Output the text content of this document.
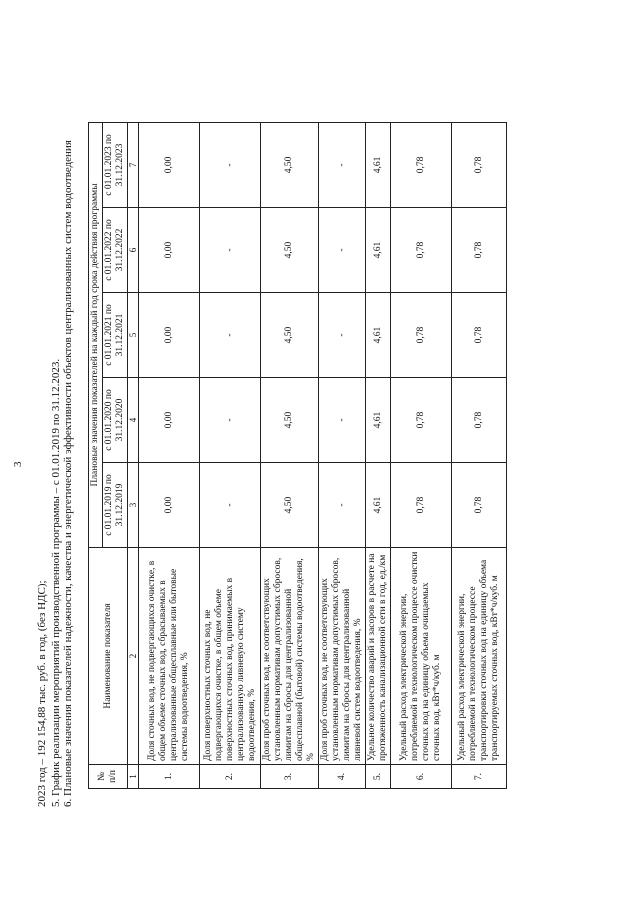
3
2023 год – 192 154,88 тыс. руб. в год, (без НДС); 5. График реализации мероприятий производственной программы – с 01.01.2019 по 31.12.2023. 6. Плановые значения показателей надежности, качества и энергетической эффективности объектов централизованных систем водоотведения № п/п	Наименование показателя	Плановые значения показателей на каждый год срока действия программы				
		с 01.01.2019 по 31.12.2019	с 01.01.2020 по 31.12.2020	с 01.01.2021 по 31.12.2021	с 01.01.2022 по 31.12.2022	с 01.01.2023 по 31.12.2023
1	2	3	4	5	6	7
1.	Доля сточных вод, не подвергающихся очистке, в общем объеме сточных вод, сбрасываемых в централизованные общесплавные или бытовые системы водоотведения, %	0,00	0,00	0,00	0,00	0,00
2.	Доля поверхностных сточных вод, не подвергающихся очистке, в общем объеме поверхностных сточных вод, принимаемых в централизованную ливневую систему водоотведения, %	-	-	-	-	-
3.	Доля проб сточных вод, не соответствующих установленным нормативам допустимых сбросов, лимитам на сбросы для централизованной общесплавной (бытовой) системы водоотведения, %	4,50	4,50	4,50	4,50	4,50
4.	Доля проб сточных вод, не соответствующих установленным нормативам допустимых сбросов, лимитам на сбросы для централизованной ливневой систем водоотведения, %	-	-	-	-	-
5.	Удельное количество аварий и засоров в расчете на протяженность канализационной сети в год, ед./км	4,61	4,61	4,61	4,61	4,61
6.	Удельный расход электрической энергии, потребляемой в технологическом процессе очистки сточных вод на единицу объема очищаемых сточных вод, кВт*ч/куб. м	0,78	0,78	0,78	0,78	0,78
7.	Удельный расход электрической энергии, потребляемой в технологическом процессе транспортировки сточных вод на единицу объема транспортируемых сточных вод, кВт*ч/куб. м	0,78	0,78	0,78	0,78	0,78
